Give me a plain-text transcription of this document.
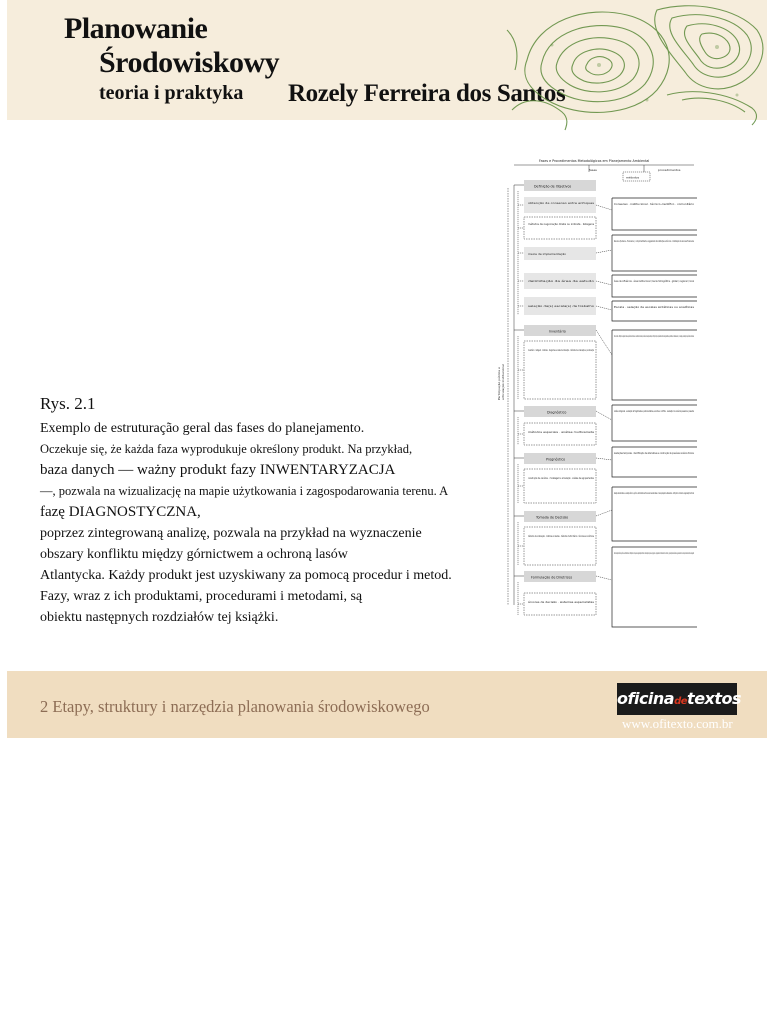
Planowanie
Środowiskowy
teoria i praktyka Rozely Ferreira dos Santos
Rys. 2.1
Exemplo de estruturação geral das fases do planejamento.
Oczekuje się, że każda faza wyprodukuje określony produkt. Na przykład,
baza danych — ważny produkt fazy INWENTARYZACJA
—, pozwala na wizualizację na mapie użytkowania i zagospodarowania terenu. A
fazę DIAGNOSTYCZNA,
poprzez zintegrowaną analizę, pozwala na przykład na wyznaczenie
obszary konfliktu między górnictwem a ochroną lasów
Atlantycka. Każdy produkt jest uzyskiwany za pomocą procedur i metod.
Fazy, wraz z ich produktami, procedurami i metodami, są
obiektu następnych rozdziałów tej książki.
Fases e Procedimentos Metodológicos em Planejamento Ambiental
fases	procedimentos
métodos
Participação pública e articulação institucional
Definição de Objetivos
Inventário
Diagnóstico
Prognóstico
Tomada de Decisão
Formulação de Diretrizes
obtenção de consenso entre enfoques
métodos de negociação direta ou indireta · listagens
meios de implementação
delimitação da área de estudo
seleção da(s) escala(s) de trabalho
inventário · listagem · matrizes · diagramas e redes de interação · métodos de ordenação e ponderação
métodos espaciais · análise multivariada
construção de cenários · modelagem e simulação · análise de agrupamentos
métodos de ordenação · matrizes cruzadas · métodos multicritérios · técnicas econômicas
árvores de decisão · sistemas especialistas
Consenso · institucional · técnico-científico · comunitário
Recursos (humanos – financeiros) · comprometimento, engajamento de instituições e técnicos · mobilização de recursos financeiros
Área de influência · área institucional / bacia hidrográfica · global / regional / local
Escala · seleção de escalas sintéticas ou analíticas
Banco de dados · definição de categorias, fatores e parâmetros indicadores · levantamento de dados (secundários, observações diretas) · definição dos tipos de parâmetros indicadores (qualitativos, quantitativos, multiescalares etc.) · ordenação e ponderação dos parâmetros indicadores
Análise integrada · avaliação de fragilidades e potencialidades, acertos e conflitos · avaliação dos cenários passado e presente
Avaliações temporais · identificação de alternativas e construção de possíveis cenários futuros
Seleção de alternativas · avaliação técnica, jurídica, administrativa e financeira das alternativas · hierarquização de alternativas · definição do modelo de organização territorial
Instrumentação técnica jurídica e administrativa · definição de normas para organização territorial · elaboração de planos e programas · propostas de monitoramento e controle · proposição de subsídios ao gerenciamento · elaboração de mecanismos de gestão
2 Etapy, struktury i narzędzia planowania środowiskowego	oficinadetextos
www.ofitexto.com.br
